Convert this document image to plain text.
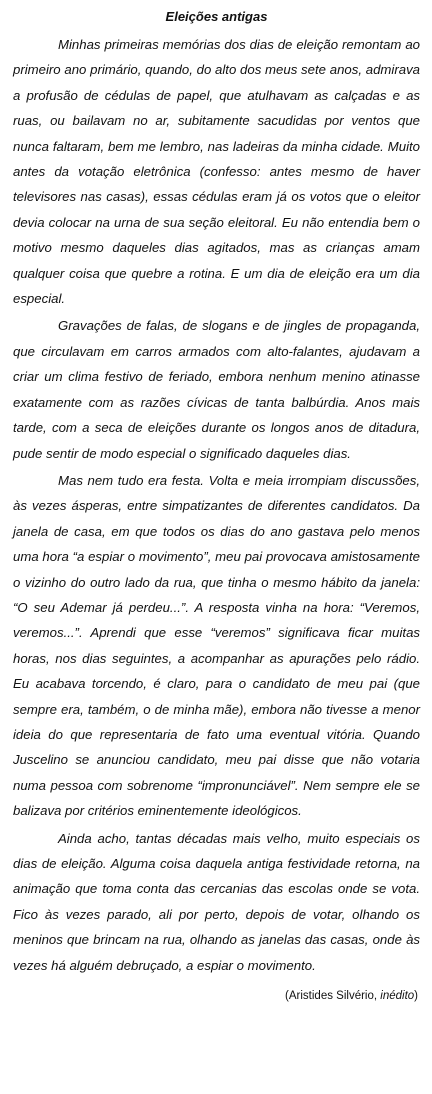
Eleições antigas

Minhas primeiras memórias dos dias de eleição remontam ao primeiro ano primário, quando, do alto dos meus sete anos, admirava a profusão de cédulas de papel, que atulhavam as calçadas e as ruas, ou bailavam no ar, subitamente sacudidas por ventos que nunca faltaram, bem me lembro, nas ladeiras da minha cidade. Muito antes da votação eletrônica (confesso: antes mesmo de haver televisores nas casas), essas cédulas eram já os votos que o eleitor devia colocar na urna de sua seção eleitoral. Eu não entendia bem o motivo mesmo daqueles dias agitados, mas as crianças amam qualquer coisa que quebre a rotina. E um dia de eleição era um dia especial.

Gravações de falas, de slogans e de jingles de propaganda, que circulavam em carros armados com alto-falantes, ajudavam a criar um clima festivo de feriado, embora nenhum menino atinasse exatamente com as razões cívicas de tanta balbúrdia. Anos mais tarde, com a seca de eleições durante os longos anos de ditadura, pude sentir de modo especial o significado daqueles dias.

Mas nem tudo era festa. Volta e meia irrompiam discussões, às vezes ásperas, entre simpatizantes de diferentes candidatos. Da janela de casa, em que todos os dias do ano gastava pelo menos uma hora “a espiar o movimento”, meu pai provocava amistosamente o vizinho do outro lado da rua, que tinha o mesmo hábito da janela: “O seu Ademar já perdeu...”. A resposta vinha na hora: “Veremos, veremos...”. Aprendi que esse “veremos” significava ficar muitas horas, nos dias seguintes, a acompanhar as apurações pelo rádio. Eu acabava torcendo, é claro, para o candidato de meu pai (que sempre era, também, o de minha mãe), embora não tivesse a menor ideia do que representaria de fato uma eventual vitória. Quando Juscelino se anunciou candidato, meu pai disse que não votaria numa pessoa com sobrenome “impronunciável”. Nem sempre ele se balizava por critérios eminentemente ideológicos.

Ainda acho, tantas décadas mais velho, muito especiais os dias de eleição. Alguma coisa daquela antiga festividade retorna, na animação que toma conta das cercanias das escolas onde se vota. Fico às vezes parado, ali por perto, depois de votar, olhando os meninos que brincam na rua, olhando as janelas das casas, onde às vezes há alguém debruçado, a espiar o movimento.

(Aristides Silvério, inédito)
